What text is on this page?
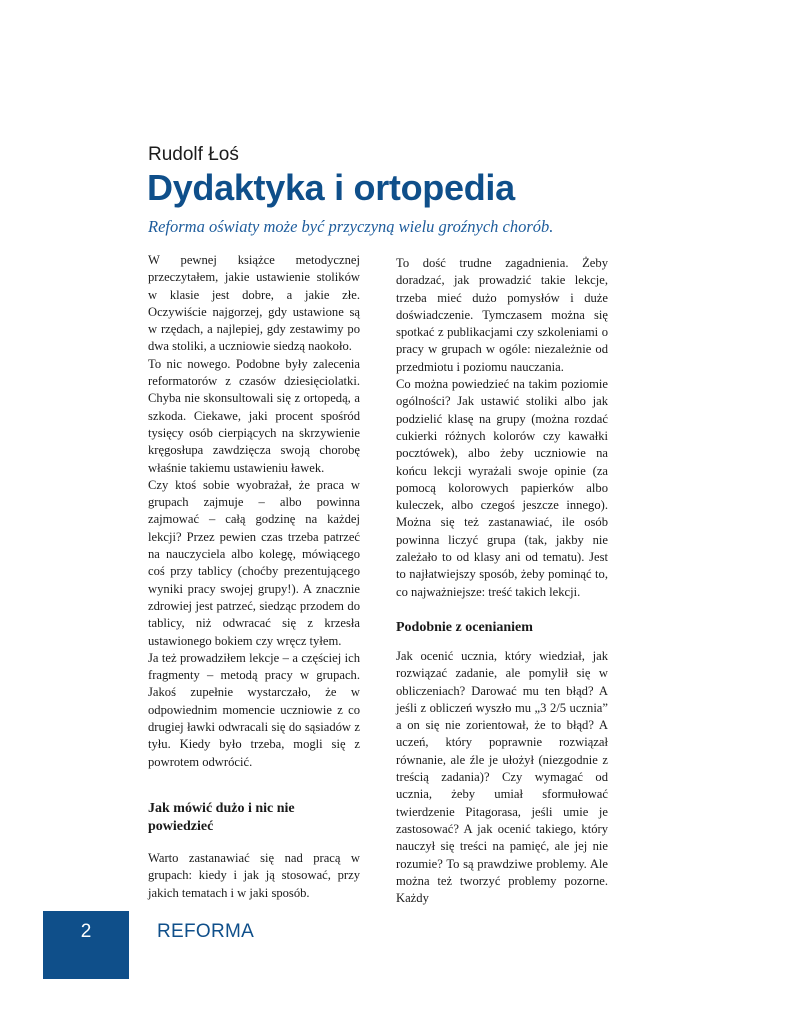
Rudolf Łoś
Dydaktyka i ortopedia
Reforma oświaty może być przyczyną wielu groźnych chorób.

W pewnej książce metodycznej przeczytałem, jakie ustawienie stolików w klasie jest dobre, a jakie złe. Oczywiście najgorzej, gdy ustawione są w rzędach, a najlepiej, gdy zestawimy po dwa stoliki, a uczniowie siedzą naokoło.

To nic nowego. Podobne były zalecenia reformatorów z czasów dziesięciolatki. Chyba nie skonsultowali się z ortopedą, a szkoda. Ciekawe, jaki procent spośród tysięcy osób cierpiących na skrzywienie kręgosłupa zawdzięcza swoją chorobę właśnie takiemu ustawieniu ławek.

Czy ktoś sobie wyobrażał, że praca w grupach zajmuje – albo powinna zajmować – całą godzinę na każdej lekcji? Przez pewien czas trzeba patrzeć na nauczyciela albo kolegę, mówiącego coś przy tablicy (choćby prezentującego wyniki pracy swojej grupy!). A znacznie zdrowiej jest patrzeć, siedząc przodem do tablicy, niż odwracać się z krzesła ustawionego bokiem czy wręcz tyłem.

Ja też prowadziłem lekcje – a częściej ich fragmenty – metodą pracy w grupach. Jakoś zupełnie wystarczało, że w odpowiednim momencie uczniowie z co drugiej ławki odwracali się do sąsiadów z tyłu. Kiedy było trzeba, mogli się z powrotem odwrócić.

Jak mówić dużo i nic nie powiedzieć

Warto zastanawiać się nad pracą w grupach: kiedy i jak ją stosować, przy jakich tematach i w jaki sposób.

To dość trudne zagadnienia. Żeby doradzać, jak prowadzić takie lekcje, trzeba mieć dużo pomysłów i duże doświadczenie. Tymczasem można się spotkać z publikacjami czy szkoleniami o pracy w grupach w ogóle: niezależnie od przedmiotu i poziomu nauczania.

Co można powiedzieć na takim poziomie ogólności? Jak ustawić stoliki albo jak podzielić klasę na grupy (można rozdać cukierki różnych kolorów czy kawałki pocztówek), albo żeby uczniowie na końcu lekcji wyrażali swoje opinie (za pomocą kolorowych papierków albo kuleczek, albo czegoś jeszcze innego). Można się też zastanawiać, ile osób powinna liczyć grupa (tak, jakby nie zależało to od klasy ani od tematu). Jest to najłatwiejszy sposób, żeby pominąć to, co najważniejsze: treść takich lekcji.

Podobnie z ocenianiem

Jak ocenić ucznia, który wiedział, jak rozwiązać zadanie, ale pomylił się w obliczeniach? Darować mu ten błąd? A jeśli z obliczeń wyszło mu „3 2/5 ucznia” a on się nie zorientował, że to błąd? A uczeń, który poprawnie rozwiązał równanie, ale źle je ułożył (niezgodnie z treścią zadania)? Czy wymagać od ucznia, żeby umiał sformułować twierdzenie Pitagorasa, jeśli umie je zastosować? A jak ocenić takiego, który nauczył się treści na pamięć, ale jej nie rozumie? To są prawdziwe problemy. Ale można też tworzyć problemy pozorne. Każdy

2	REFORMA
